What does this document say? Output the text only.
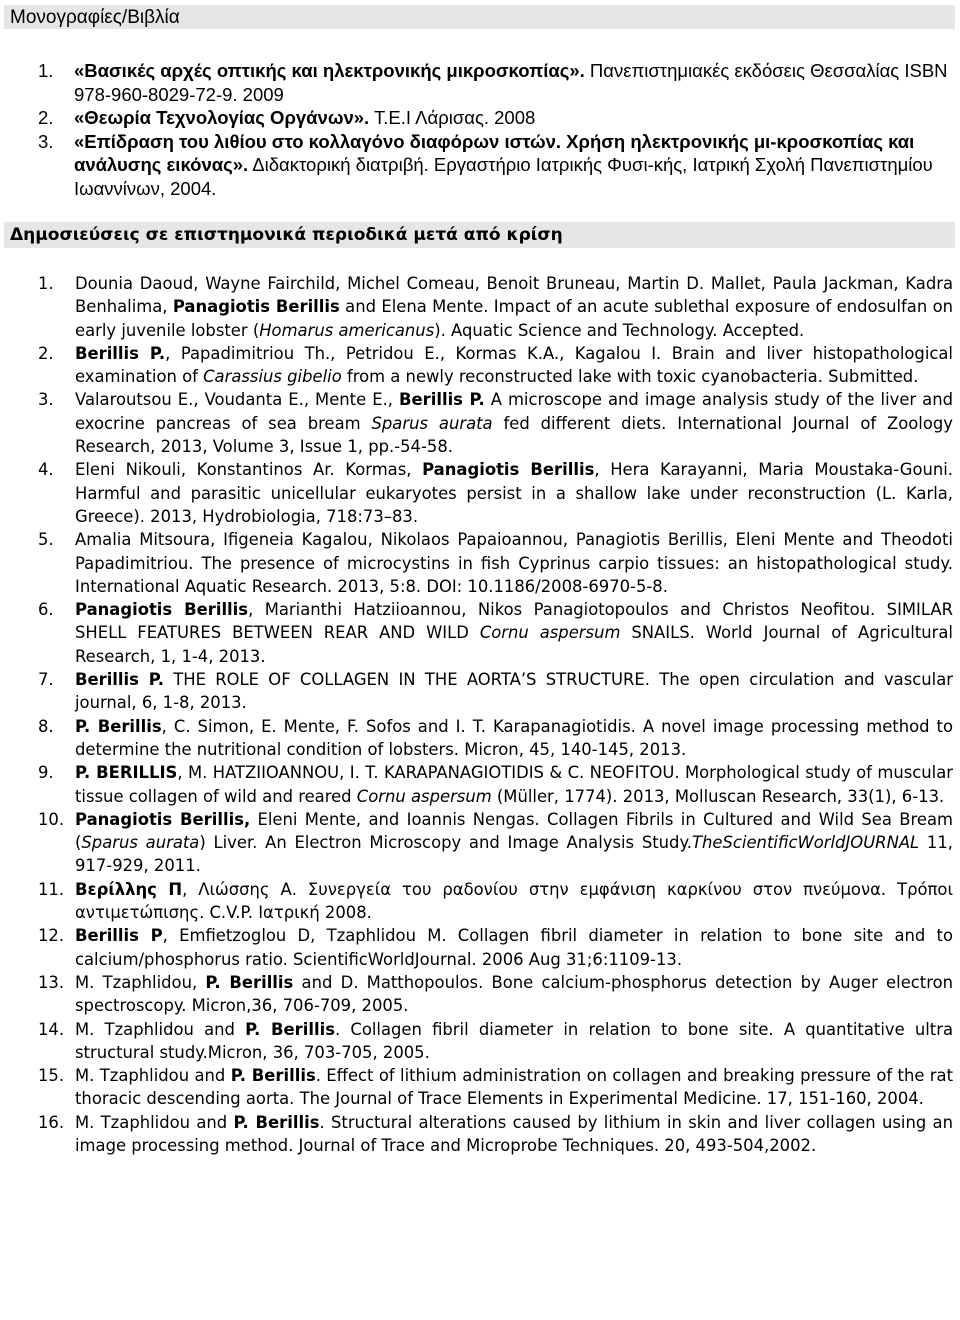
Μονογραφίες/Βιβλία
1.	«Βασικές αρχές οπτικής και ηλεκτρονικής μικροσκοπίας». Πανεπιστημιακές εκδόσεις Θεσσαλίας ISBN 978-960-8029-72-9. 2009
2.	«Θεωρία Τεχνολογίας Οργάνων». Τ.Ε.Ι Λάρισας. 2008
3.	«Επίδραση του λιθίου στο κολλαγόνο διαφόρων ιστών. Χρήση ηλεκτρονικής μι-κροσκοπίας και ανάλυσης εικόνας». Διδακτορική διατριβή. Εργαστήριο Ιατρικής Φυσι-κής, Ιατρική Σχολή Πανεπιστημίου Ιωαννίνων, 2004.
Δημοσιεύσεις σε επιστημονικά περιοδικά μετά από κρίση
1.	Dounia Daoud, Wayne Fairchild, Michel Comeau, Benoit Bruneau, Martin D. Mallet, Paula Jackman, Kadra Benhalima, Panagiotis Berillis and Elena Mente. Impact of an acute sublethal exposure of endosulfan on early juvenile lobster (Homarus americanus). Aquatic Science and Technology. Accepted.
2.	Berillis P., Papadimitriou Th., Petridou E., Kormas K.A., Kagalou I. Brain and liver histopathological examination of Carassius gibelio from a newly reconstructed lake with toxic cyanobacteria. Submitted.
3.	Valaroutsou E., Voudanta E., Mente E., Berillis P. A microscope and image analysis study of the liver and exocrine pancreas of sea bream Sparus aurata fed different diets. International Journal of Zoology Research, 2013, Volume 3, Issue 1, pp.-54-58.
4.	Eleni Nikouli, Konstantinos Ar. Kormas, Panagiotis Berillis, Hera Karayanni, Maria Moustaka-Gouni. Harmful and parasitic unicellular eukaryotes persist in a shallow lake under reconstruction (L. Karla, Greece). 2013, Hydrobiologia, 718:73–83.
5.	Amalia Mitsoura, Ifigeneia Kagalou, Nikolaos Papaioannou, Panagiotis Berillis, Eleni Mente and Theodoti Papadimitriou. The presence of microcystins in fish Cyprinus carpio tissues: an histopathological study. International Aquatic Research. 2013, 5:8. DOI: 10.1186/2008-6970-5-8.
6.	Panagiotis Berillis, Marianthi Hatziioannou, Nikos Panagiotopoulos and Christos Neofitou. SIMILAR SHELL FEATURES BETWEEN REAR AND WILD Cornu aspersum SNAILS. World Journal of Agricultural Research, 1, 1-4, 2013.
7.	Berillis P. THE ROLE OF COLLAGEN IN THE AORTA’S STRUCTURE. The open circulation and vascular journal, 6, 1-8, 2013.
8.	P. Berillis, C. Simon, E. Mente, F. Sofos and I. T. Karapanagiotidis. A novel image processing method to determine the nutritional condition of lobsters. Micron, 45, 140-145, 2013.
9.	P. BERILLIS, M. HATZIIOANNOU, I. T. KARAPANAGIOTIDIS & C. NEOFITOU. Morphological study of muscular tissue collagen of wild and reared Cornu aspersum (Müller, 1774). 2013, Molluscan Research, 33(1), 6-13.
10. Panagiotis Berillis, Eleni Mente, and Ioannis Nengas. Collagen Fibrils in Cultured and Wild Sea Bream (Sparus aurata) Liver. An Electron Microscopy and Image Analysis Study.TheScientificWorldJOURNAL 11, 917-929, 2011.
11. Βερίλλης Π, Λιώσσης Α. Συνεργεία του ραδονίου στην εμφάνιση καρκίνου στον πνεύμονα. Τρόποι αντιμετώπισης. C.V.P. Ιατρική 2008.
12. Berillis P, Emfietzoglou D, Tzaphlidou M. Collagen fibril diameter in relation to bone site and to calcium/phosphorus ratio. ScientificWorldJournal. 2006 Aug 31;6:1109-13.
13. M. Tzaphlidou, P. Berillis and D. Matthopoulos. Bone calcium-phosphorus detection by Auger electron spectroscopy. Micron,36, 706-709, 2005.
14. M. Tzaphlidou and P. Berillis. Collagen fibril diameter in relation to bone site. A quantitative ultra structural study.Micron, 36, 703-705, 2005.
15. M. Tzaphlidou and P. Berillis. Effect of lithium administration on collagen and breaking pressure of the rat thoracic descending aorta. The Journal of Trace Elements in Experimental Medicine. 17, 151-160, 2004.
16. M. Tzaphlidou and P. Berillis. Structural alterations caused by lithium in skin and liver collagen using an image processing method. Journal of Trace and Microprobe Techniques. 20, 493-504,2002.
